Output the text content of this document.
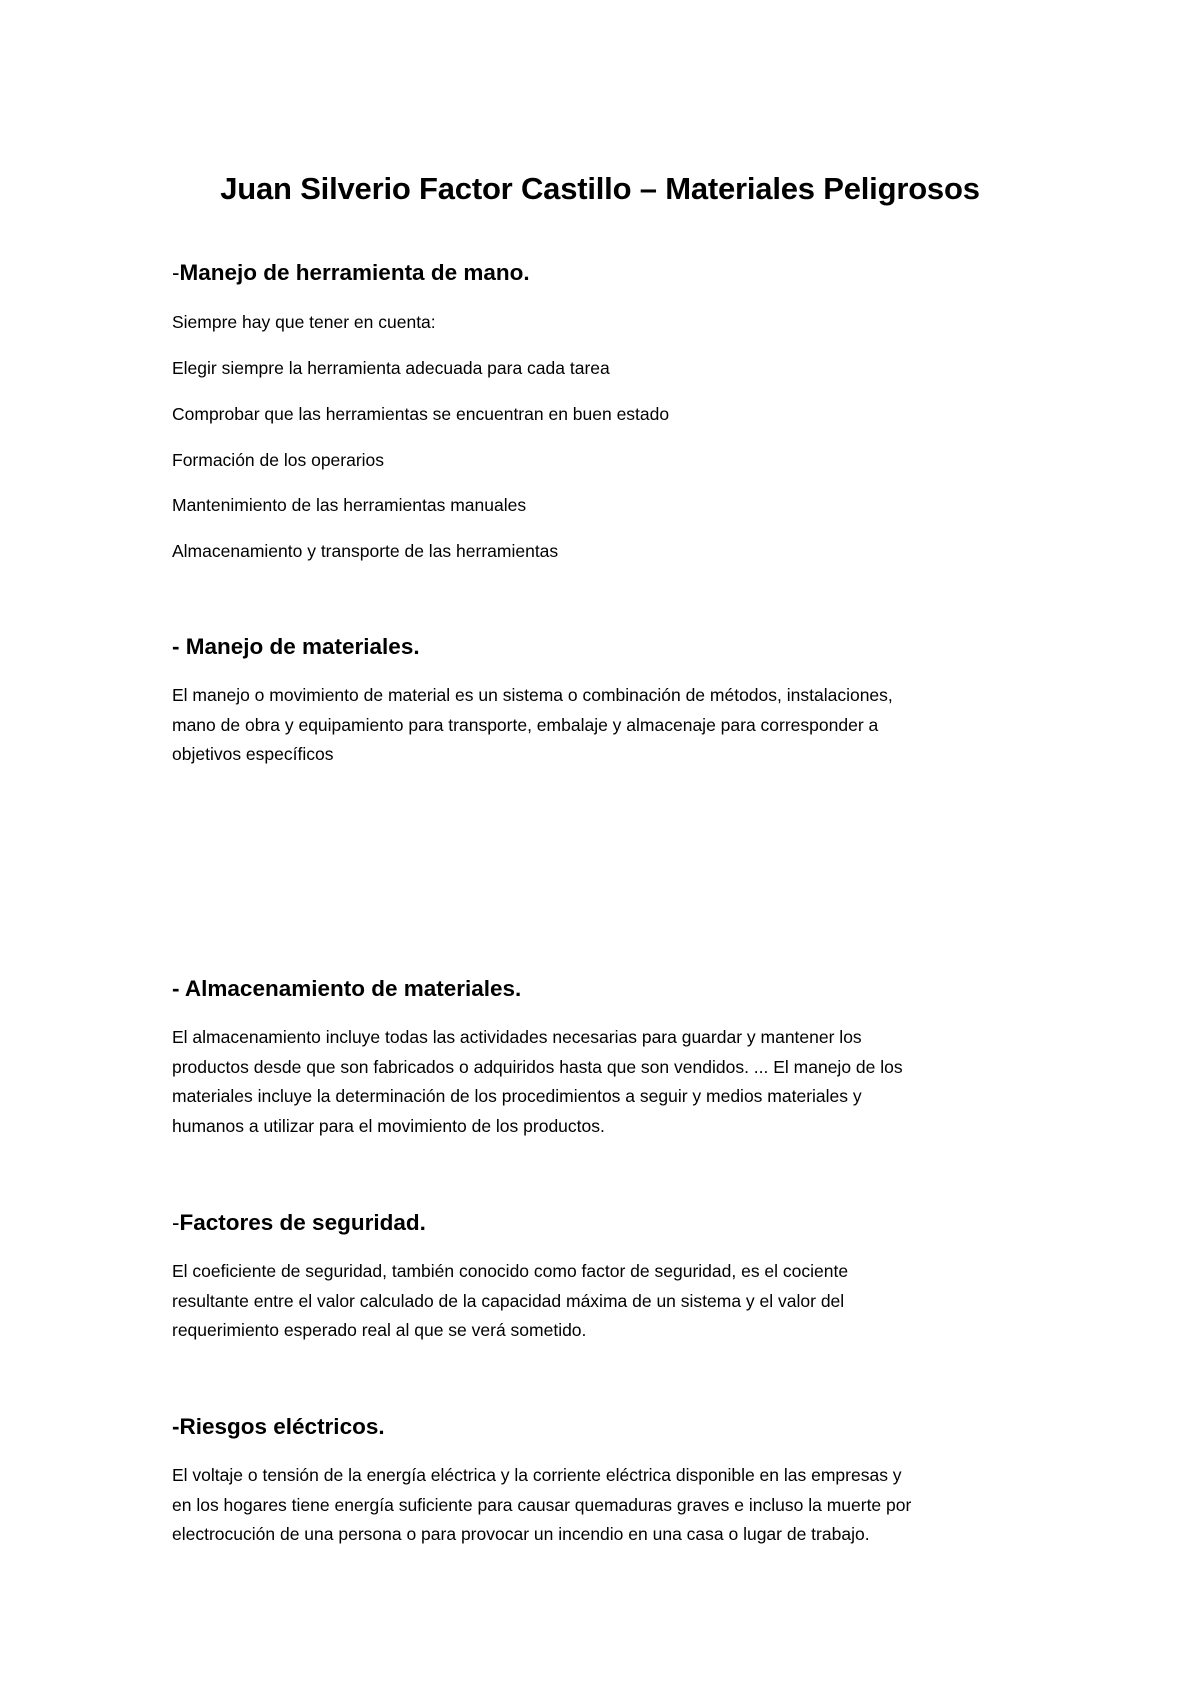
Juan Silverio Factor Castillo – Materiales Peligrosos
-Manejo de herramienta de mano.

Siempre hay que tener en cuenta:

Elegir siempre la herramienta adecuada para cada tarea

Comprobar que las herramientas se encuentran en buen estado

Formación de los operarios

Mantenimiento de las herramientas manuales

Almacenamiento y transporte de las herramientas

- Manejo de materiales.

El manejo o movimiento de material es un sistema o combinación de métodos, instalaciones,

mano de obra y equipamiento para transporte, embalaje y almacenaje para corresponder a

objetivos específicos

- Almacenamiento de materiales.

El almacenamiento incluye todas las actividades necesarias para guardar y mantener los

productos desde que son fabricados o adquiridos hasta que son vendidos. ... El manejo de los

materiales incluye la determinación de los procedimientos a seguir y medios materiales y

humanos a utilizar para el movimiento de los productos.

-Factores de seguridad.

El coeficiente de seguridad, también conocido como factor de seguridad, es el cociente

resultante entre el valor calculado de la capacidad máxima de un sistema y el valor del

requerimiento esperado real al que se verá sometido.

-Riesgos eléctricos.

El voltaje o tensión de la energía eléctrica y la corriente eléctrica disponible en las empresas y

en los hogares tiene energía suficiente para causar quemaduras graves e incluso la muerte por

electrocución de una persona o para provocar un incendio en una casa o lugar de trabajo.
